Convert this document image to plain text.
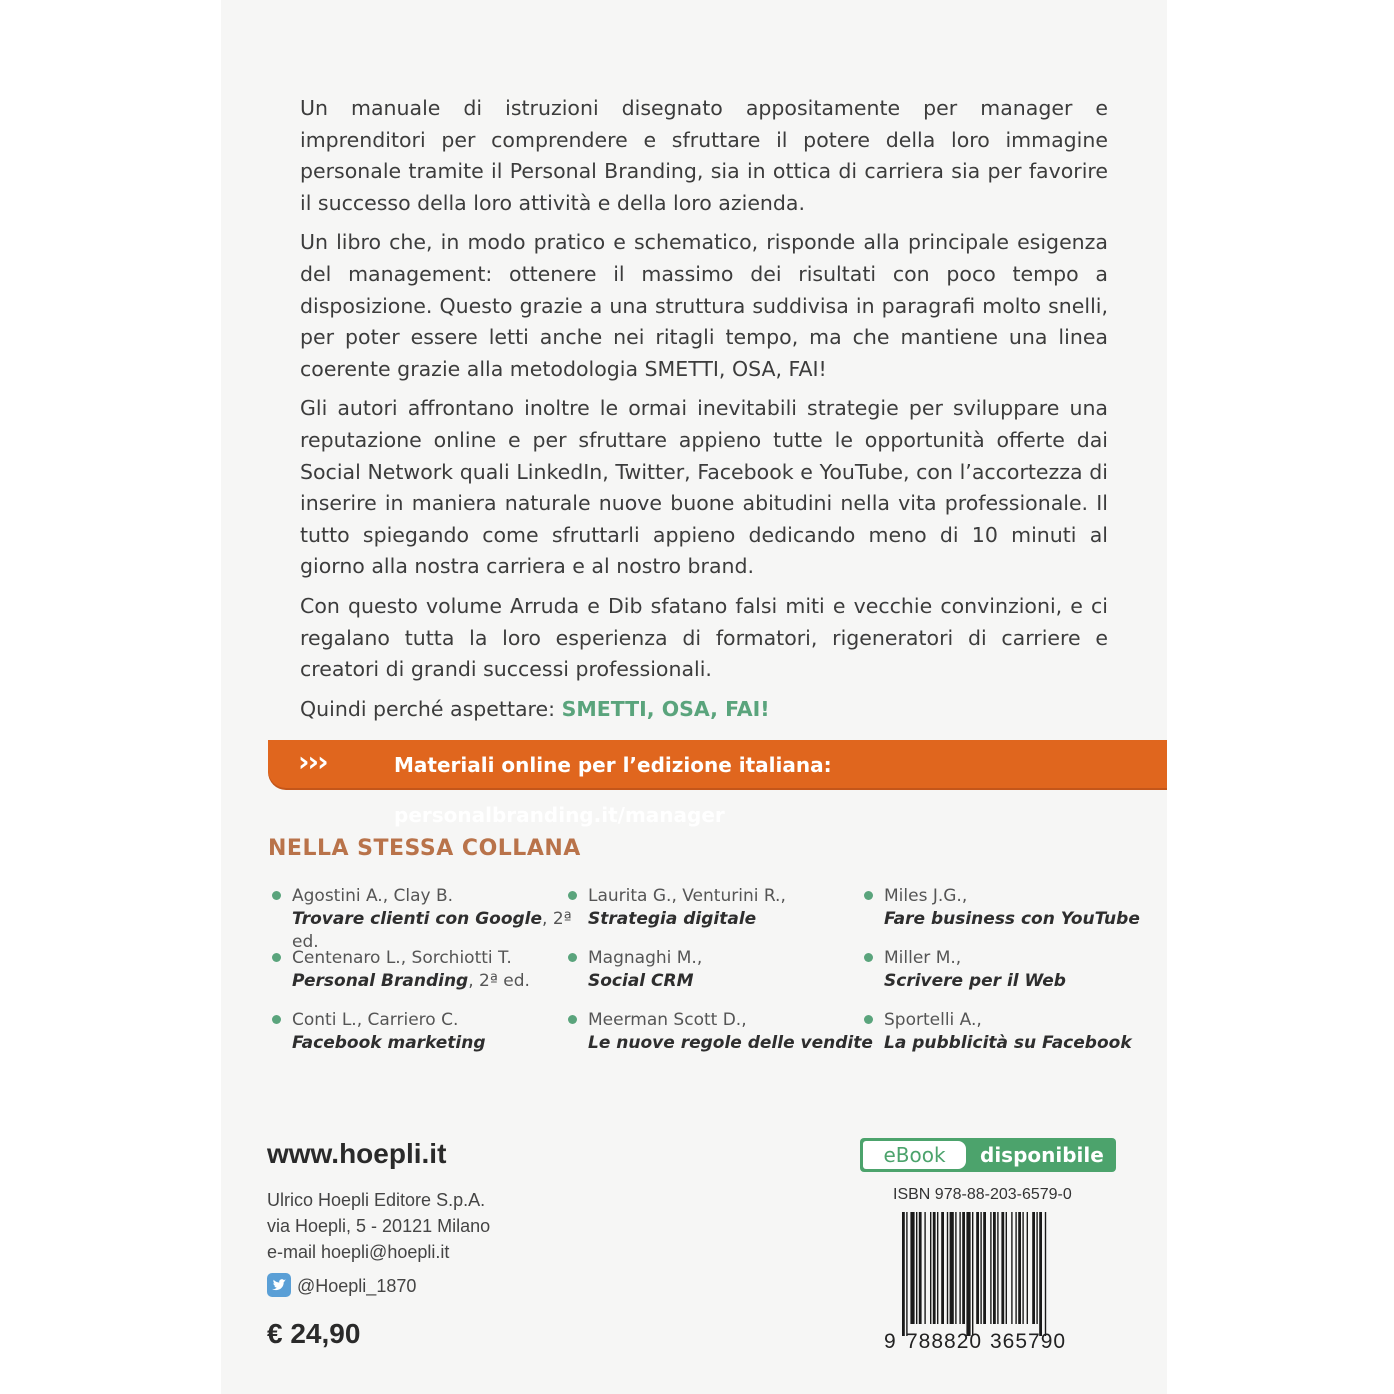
Un manuale di istruzioni disegnato appositamente per manager e imprenditori per comprendere e sfruttare il potere della loro immagine personale tramite il Personal Branding, sia in ottica di carriera sia per favorire il successo della loro attività e della loro azienda.

Un libro che, in modo pratico e schematico, risponde alla principale esigenza del management: ottenere il massimo dei risultati con poco tempo a disposizione. Questo grazie a una struttura suddivisa in paragrafi molto snelli, per poter essere letti anche nei ritagli tempo, ma che mantiene una linea coerente grazie alla metodologia SMETTI, OSA, FAI!

Gli autori affrontano inoltre le ormai inevitabili strategie per sviluppare una reputazione online e per sfruttare appieno tutte le opportunità offerte dai Social Network quali LinkedIn, Twitter, Facebook e YouTube, con l’accortezza di inserire in maniera naturale nuove buone abitudini nella vita professionale. Il tutto spiegando come sfruttarli appieno dedicando meno di 10 minuti al giorno alla nostra carriera e al nostro brand.

Con questo volume Arruda e Dib sfatano falsi miti e vecchie convinzioni, e ci regalano tutta la loro esperienza di formatori, rigeneratori di carriere e creatori di grandi successi professionali.

Quindi perché aspettare: SMETTI, OSA, FAI!

›››	Materiali online per l’edizione italiana: personalbranding.it/manager
NELLA STESSA COLLANA
Agostini A., Clay B.
Trovare clienti con Google, 2ª ed.
Laurita G., Venturini R.,
Strategia digitale
Miles J.G.,
Fare business con YouTube
Centenaro L., Sorchiotti T.
Personal Branding, 2ª ed.
Magnaghi M.,
Social CRM
Miller M.,
Scrivere per il Web
Conti L., Carriero C.
Facebook marketing
Meerman Scott D.,
Le nuove regole delle vendite
Sportelli A.,
La pubblicità su Facebook
www.hoepli.it
Ulrico Hoepli Editore S.p.A.
via Hoepli, 5 - 20121 Milano
e-mail hoepli@hoepli.it
@Hoepli_1870
€ 24,90
eBook	disponibile
ISBN 978-88-203-6579-0
9 788820 365790
